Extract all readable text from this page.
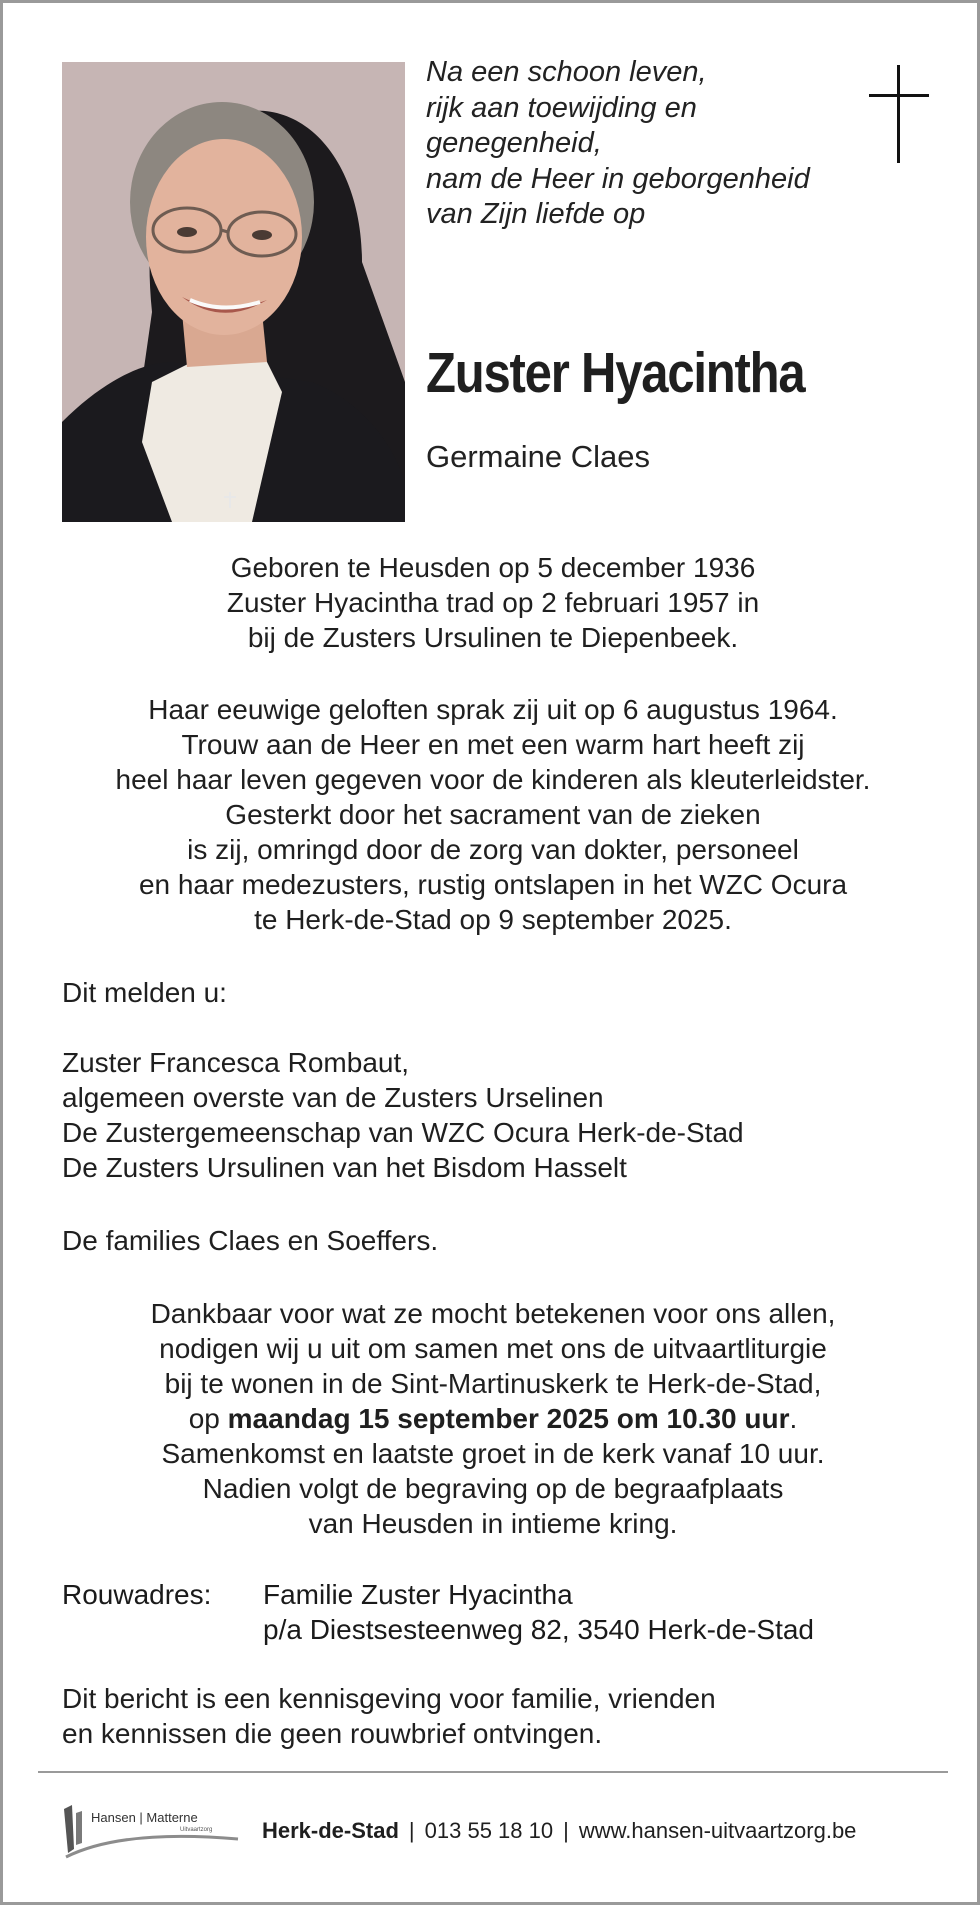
Na een schoon leven,
rijk aan toewijding en
genegenheid,
nam de Heer in geborgenheid
van Zijn liefde op
Zuster Hyacintha
Germaine Claes
Geboren te Heusden op 5 december 1936
Zuster Hyacintha trad op 2 februari 1957 in
bij de Zusters Ursulinen te Diepenbeek.
Haar eeuwige geloften sprak zij uit op 6 augustus 1964.
Trouw aan de Heer en met een warm hart heeft zij
heel haar leven gegeven voor de kinderen als kleuterleidster.
Gesterkt door het sacrament van de zieken
is zij, omringd door de zorg van dokter, personeel
en haar medezusters, rustig ontslapen in het WZC Ocura
te Herk-de-Stad op 9 september 2025.
Dit melden u:
Zuster Francesca Rombaut,
algemeen overste van de Zusters Urselinen
De Zustergemeenschap van WZC Ocura Herk-de-Stad
De Zusters Ursulinen van het Bisdom Hasselt
De families Claes en Soeffers.
Dankbaar voor wat ze mocht betekenen voor ons allen,
nodigen wij u uit om samen met ons de uitvaartliturgie
bij te wonen in de Sint-Martinuskerk te Herk-de-Stad,
op maandag 15 september 2025 om 10.30 uur.
Samenkomst en laatste groet in de kerk vanaf 10 uur.
Nadien volgt de begraving op de begraafplaats
van Heusden in intieme kring.
Rouwadres: Familie Zuster Hyacintha
p/a Diestsesteenweg 82, 3540 Herk-de-Stad
Dit bericht is een kennisgeving voor familie, vrienden
en kennissen die geen rouwbrief ontvingen.
Hansen | Matterne
Uitvaartzorg Herk-de-Stad | 013 55 18 10 | www.hansen-uitvaartzorg.be
